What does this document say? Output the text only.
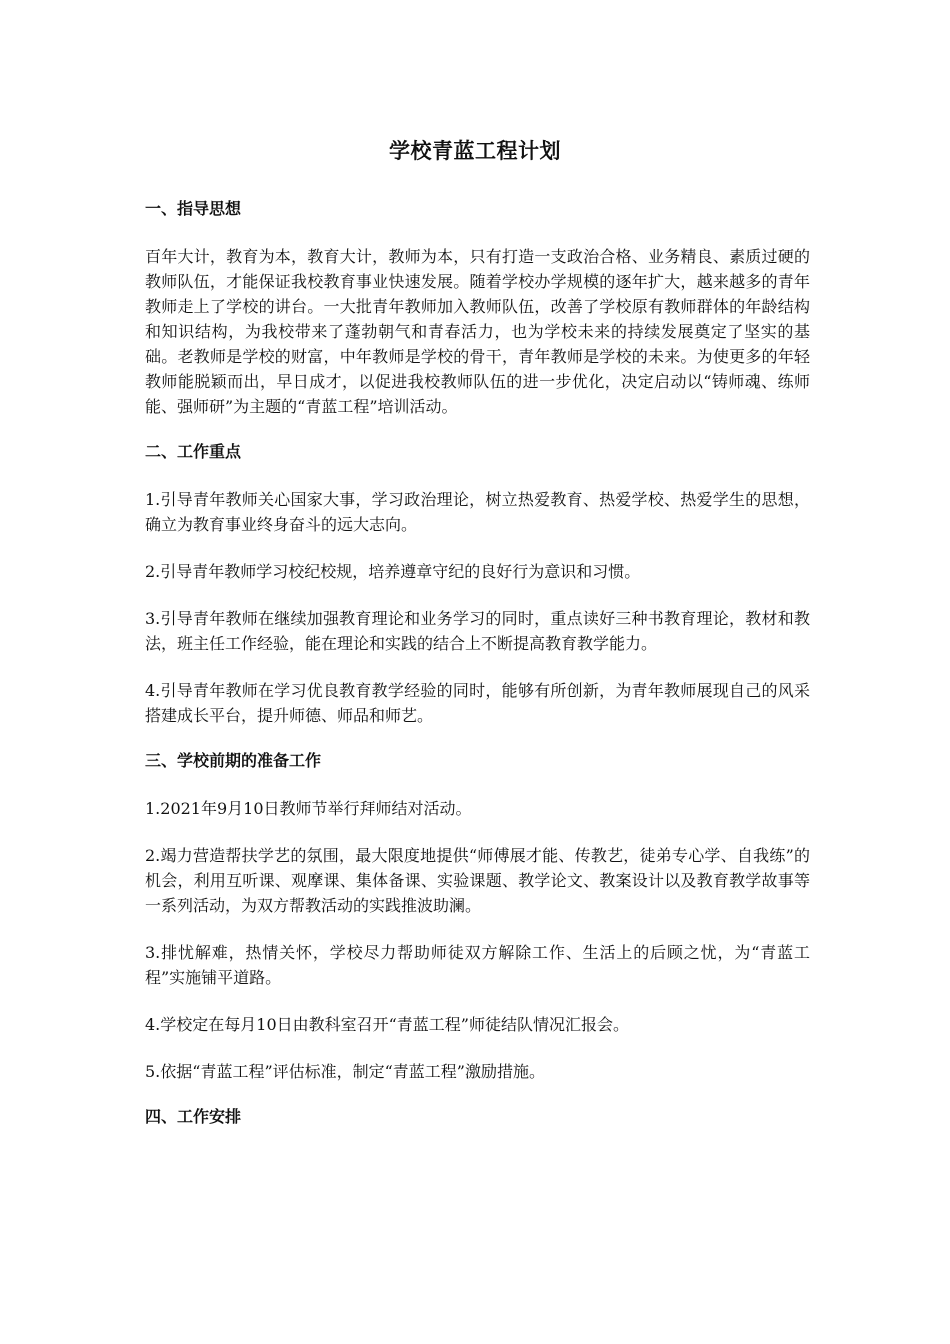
学校青蓝工程计划
一、指导思想

百年大计，教育为本，教育大计，教师为本，只有打造一支政治合格、业务精良、素质过硬的教师队伍，才能保证我校教育事业快速发展。随着学校办学规模的逐年扩大，越来越多的青年教师走上了学校的讲台。一大批青年教师加入教师队伍，改善了学校原有教师群体的年龄结构和知识结构，为我校带来了蓬勃朝气和青春活力，也为学校未来的持续发展奠定了坚实的基础。老教师是学校的财富，中年教师是学校的骨干，青年教师是学校的未来。为使更多的年轻教师能脱颖而出，早日成才，以促进我校教师队伍的进一步优化，决定启动以“铸师魂、练师能、强师研”为主题的“青蓝工程”培训活动。

二、工作重点

1.引导青年教师关心国家大事，学习政治理论，树立热爱教育、热爱学校、热爱学生的思想，确立为教育事业终身奋斗的远大志向。

2.引导青年教师学习校纪校规，培养遵章守纪的良好行为意识和习惯。

3.引导青年教师在继续加强教育理论和业务学习的同时，重点读好三种书教育理论，教材和教法，班主任工作经验，能在理论和实践的结合上不断提高教育教学能力。

4.引导青年教师在学习优良教育教学经验的同时，能够有所创新，为青年教师展现自己的风采搭建成长平台，提升师德、师品和师艺。

三、学校前期的准备工作

1.2021年9月10日教师节举行拜师结对活动。

2.竭力营造帮扶学艺的氛围，最大限度地提供“师傅展才能、传教艺，徒弟专心学、自我练”的机会，利用互听课、观摩课、集体备课、实验课题、教学论文、教案设计以及教育教学故事等一系列活动，为双方帮教活动的实践推波助澜。

3.排忧解难，热情关怀，学校尽力帮助师徒双方解除工作、生活上的后顾之忧，为“青蓝工程”实施铺平道路。

4.学校定在每月10日由教科室召开“青蓝工程”师徒结队情况汇报会。

5.依据“青蓝工程”评估标准，制定“青蓝工程”激励措施。

四、工作安排
